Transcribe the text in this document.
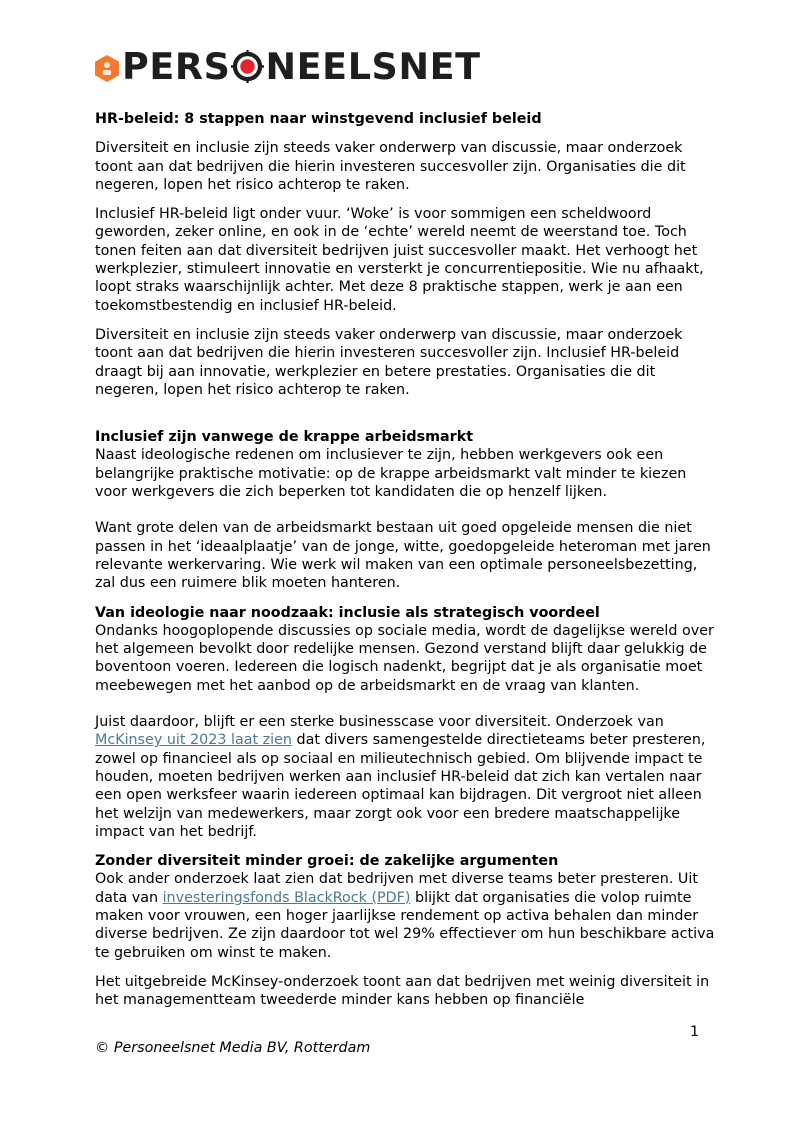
PERS NEELSNET
HR-beleid: 8 stappen naar winstgevend inclusief beleid

Diversiteit en inclusie zijn steeds vaker onderwerp van discussie, maar onderzoek toont aan dat bedrijven die hierin investeren succesvoller zijn. Organisaties die dit negeren, lopen het risico achterop te raken.

Inclusief HR-beleid ligt onder vuur. ‘Woke’ is voor sommigen een scheldwoord geworden, zeker online, en ook in de ‘echte’ wereld neemt de weerstand toe. Toch tonen feiten aan dat diversiteit bedrijven juist succesvoller maakt. Het verhoogt het werkplezier, stimuleert innovatie en versterkt je concurrentiepositie. Wie nu afhaakt, loopt straks waarschijnlijk achter. Met deze 8 praktische stappen, werk je aan een toekomstbestendig en inclusief HR-beleid.

Diversiteit en inclusie zijn steeds vaker onderwerp van discussie, maar onderzoek toont aan dat bedrijven die hierin investeren succesvoller zijn. Inclusief HR-beleid draagt bij aan innovatie, werkplezier en betere prestaties. Organisaties die dit negeren, lopen het risico achterop te raken.

Inclusief zijn vanwege de krappe arbeidsmarkt

Naast ideologische redenen om inclusiever te zijn, hebben werkgevers ook een belangrijke praktische motivatie: op de krappe arbeidsmarkt valt minder te kiezen voor werkgevers die zich beperken tot kandidaten die op henzelf lijken.

Want grote delen van de arbeidsmarkt bestaan uit goed opgeleide mensen die niet passen in het ‘ideaalplaatje’ van de jonge, witte, goedopgeleide heteroman met jaren relevante werkervaring. Wie werk wil maken van een optimale personeelsbezetting, zal dus een ruimere blik moeten hanteren.

Van ideologie naar noodzaak: inclusie als strategisch voordeel

Ondanks hoogoplopende discussies op sociale media, wordt de dagelijkse wereld over het algemeen bevolkt door redelijke mensen. Gezond verstand blijft daar gelukkig de boventoon voeren. Iedereen die logisch nadenkt, begrijpt dat je als organisatie moet meebewegen met het aanbod op de arbeidsmarkt en de vraag van klanten.

Juist daardoor, blijft er een sterke businesscase voor diversiteit. Onderzoek van McKinsey uit 2023 laat zien dat divers samengestelde directieteams beter presteren, zowel op financieel als op sociaal en milieutechnisch gebied. Om blijvende impact te houden, moeten bedrijven werken aan inclusief HR-beleid dat zich kan vertalen naar een open werksfeer waarin iedereen optimaal kan bijdragen. Dit vergroot niet alleen het welzijn van medewerkers, maar zorgt ook voor een bredere maatschappelijke impact van het bedrijf.

Zonder diversiteit minder groei: de zakelijke argumenten

Ook ander onderzoek laat zien dat bedrijven met diverse teams beter presteren. Uit data van investeringsfonds BlackRock (PDF) blijkt dat organisaties die volop ruimte maken voor vrouwen, een hoger jaarlijkse rendement op activa behalen dan minder diverse bedrijven. Ze zijn daardoor tot wel 29% effectiever om hun beschikbare activa te gebruiken om winst te maken.

Het uitgebreide McKinsey-onderzoek toont aan dat bedrijven met weinig diversiteit in het managementteam tweederde minder kans hebben op financiële

1
© Personeelsnet Media BV, Rotterdam
